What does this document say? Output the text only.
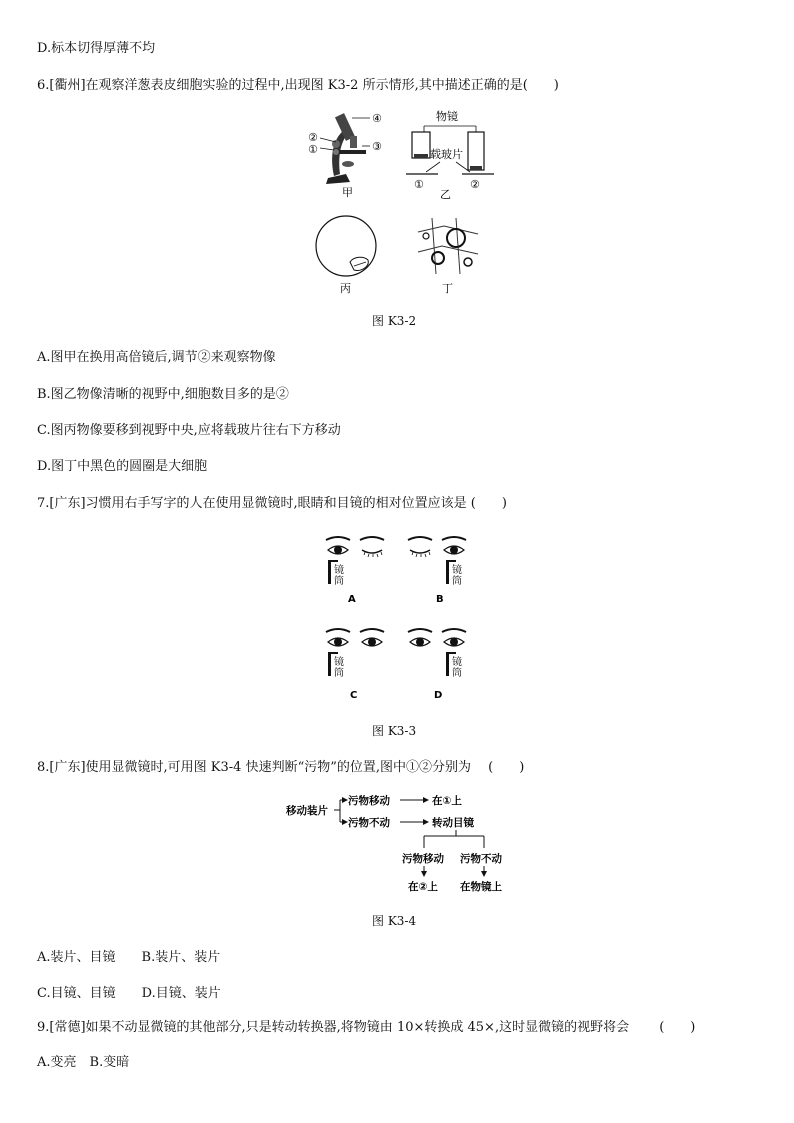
D.标本切得厚薄不均
6.[衢州]在观察洋葱表皮细胞实验的过程中,出现图 K3-2 所示情形,其中描述正确的是(　　)
②
①
④
③
甲
物镜
载玻片
①	②
乙
丙	丁
图 K3-2
A.图甲在换用高倍镜后,调节②来观察物像
B.图乙物像清晰的视野中,细胞数目多的是②
C.图丙物像要移到视野中央,应将载玻片往右下方移动
D.图丁中黑色的圆圈是大细胞
7.[广东]习惯用右手写字的人在使用显微镜时,眼睛和目镜的相对位置应该是 (　　)
镜
筒
A
镜
筒
B
镜
筒
C
镜
筒
D
图 K3-3
8.[广东]使用显微镜时,可用图 K3-4 快速判断“污物”的位置,图中①②分别为　 (　　)
移动装片
污物移动	在①上
污物不动	转动目镜
污物移动 污物不动
在②上 在物镜上
图 K3-4
A.装片、目镜　　B.装片、装片
C.目镜、目镜　　D.目镜、装片
9.[常德]如果不动显微镜的其他部分,只是转动转换器,将物镜由 10×转换成 45×,这时显微镜的视野将会　　 (　　)
A.变亮　B.变暗
